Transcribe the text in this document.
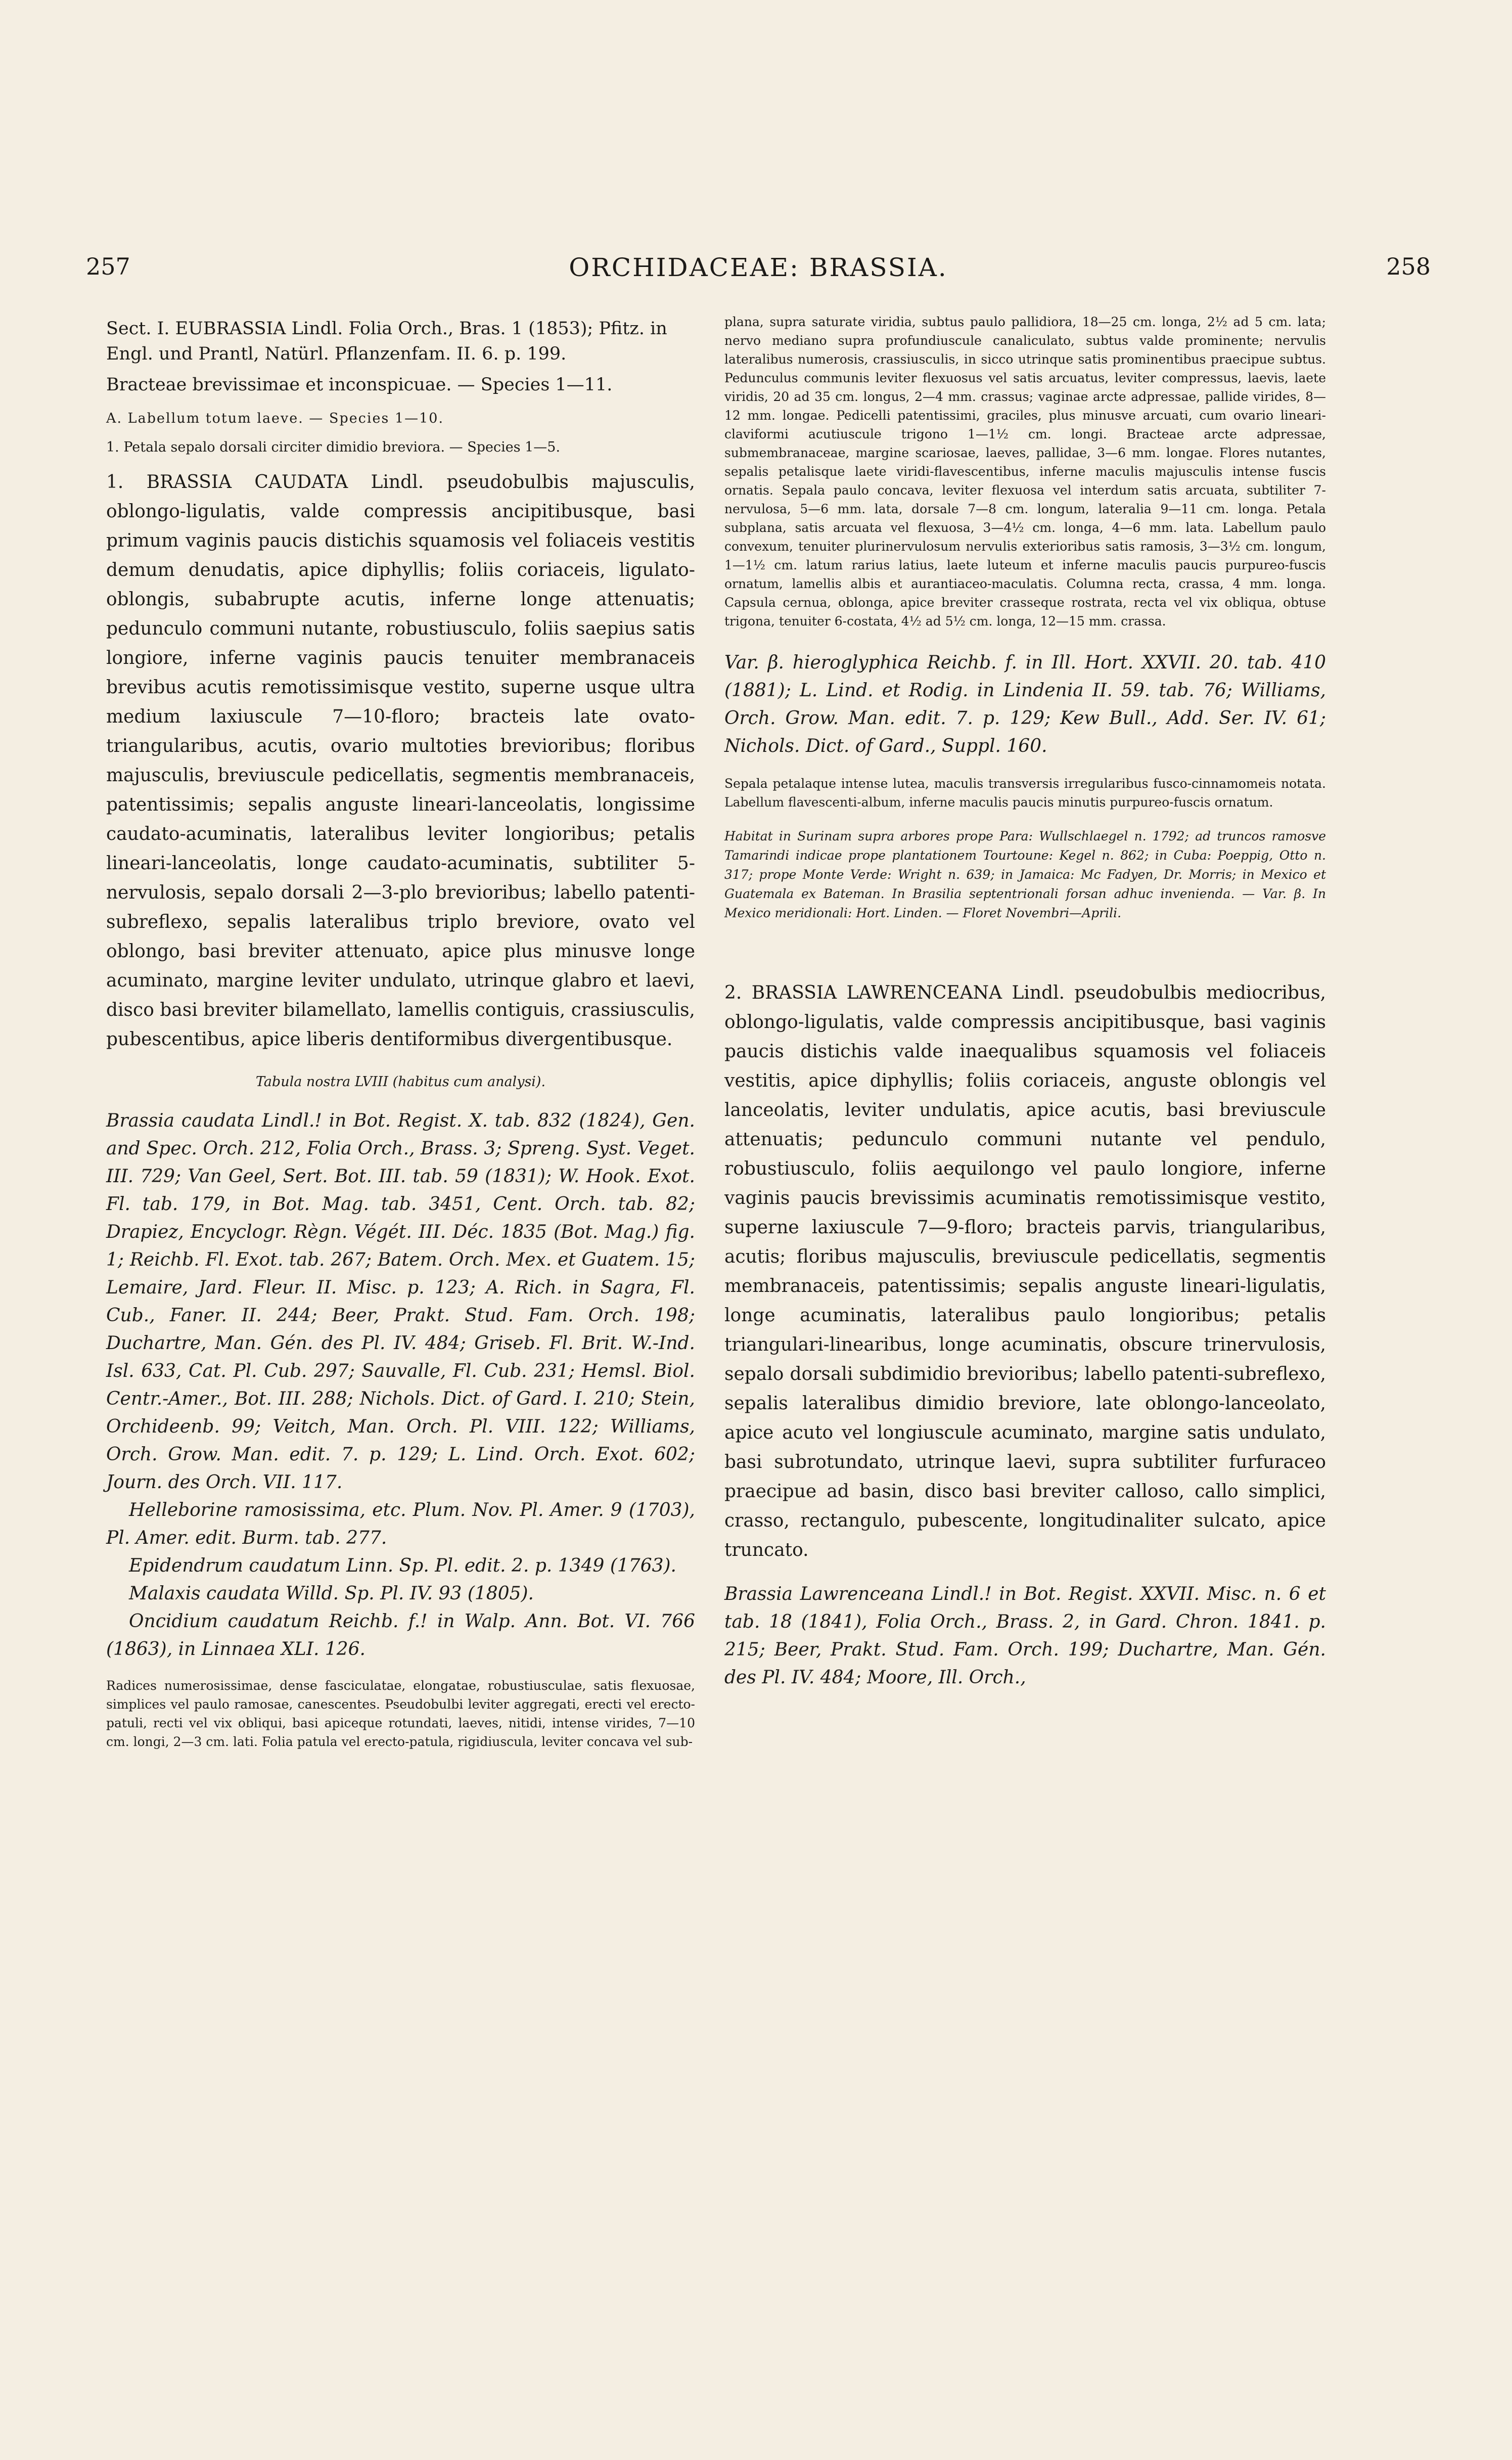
257	ORCHIDACEAE: BRASSIA.	258

Sect. I. EUBRASSIA Lindl. Folia Orch., Bras. 1 (1853); Pfitz. in Engl. und Prantl, Natürl. Pflanzenfam. II. 6. p. 199.

Bracteae brevissimae et inconspicuae. — Species 1—11.

A. Labellum totum laeve. — Species 1—10.

1. Petala sepalo dorsali circiter dimidio breviora. — Species 1—5.

1. BRASSIA CAUDATA Lindl. pseudobulbis majusculis, oblongo-ligulatis, valde compressis ancipitibusque, basi primum vaginis paucis distichis squamosis vel foliaceis vestitis demum denudatis, apice diphyllis; foliis coriaceis, ligulato-oblongis, subabrupte acutis, inferne longe attenuatis; pedunculo communi nutante, robustiusculo, foliis saepius satis longiore, inferne vaginis paucis tenuiter membranaceis brevibus acutis remotissimisque vestito, superne usque ultra medium laxiuscule 7—10-floro; bracteis late ovato-triangularibus, acutis, ovario multoties brevioribus; floribus majusculis, breviuscule pedicellatis, segmentis membranaceis, patentissimis; sepalis anguste lineari-lanceolatis, longissime caudato-acuminatis, lateralibus leviter longioribus; petalis lineari-lanceolatis, longe caudato-acuminatis, subtiliter 5-nervulosis, sepalo dorsali 2—3-plo brevioribus; labello patenti-subreflexo, sepalis lateralibus triplo breviore, ovato vel oblongo, basi breviter attenuato, apice plus minusve longe acuminato, margine leviter undulato, utrinque glabro et laevi, disco basi breviter bilamellato, lamellis contiguis, crassiusculis, pubescentibus, apice liberis dentiformibus divergentibusque.

Tabula nostra LVIII (habitus cum analysi).

Brassia caudata Lindl.! in Bot. Regist. X. tab. 832 (1824), Gen. and Spec. Orch. 212, Folia Orch., Brass. 3; Spreng. Syst. Veget. III. 729; Van Geel, Sert. Bot. III. tab. 59 (1831); W. Hook. Exot. Fl. tab. 179, in Bot. Mag. tab. 3451, Cent. Orch. tab. 82; Drapiez, Encyclogr. Règn. Végét. III. Déc. 1835 (Bot. Mag.) fig. 1; Reichb. Fl. Exot. tab. 267; Batem. Orch. Mex. et Guatem. 15; Lemaire, Jard. Fleur. II. Misc. p. 123; A. Rich. in Sagra, Fl. Cub., Faner. II. 244; Beer, Prakt. Stud. Fam. Orch. 198; Duchartre, Man. Gén. des Pl. IV. 484; Griseb. Fl. Brit. W.-Ind. Isl. 633, Cat. Pl. Cub. 297; Sauvalle, Fl. Cub. 231; Hemsl. Biol. Centr.-Amer., Bot. III. 288; Nichols. Dict. of Gard. I. 210; Stein, Orchideenb. 99; Veitch, Man. Orch. Pl. VIII. 122; Williams, Orch. Grow. Man. edit. 7. p. 129; L. Lind. Orch. Exot. 602; Journ. des Orch. VII. 117.

Helleborine ramosissima, etc. Plum. Nov. Pl. Amer. 9 (1703), Pl. Amer. edit. Burm. tab. 277.

Epidendrum caudatum Linn. Sp. Pl. edit. 2. p. 1349 (1763).

Malaxis caudata Willd. Sp. Pl. IV. 93 (1805).

Oncidium caudatum Reichb. f.! in Walp. Ann. Bot. VI. 766 (1863), in Linnaea XLI. 126.

Radices numerosissimae, dense fasciculatae, elongatae, robustiusculae, satis flexuosae, simplices vel paulo ramosae, canescentes. Pseudobulbi leviter aggregati, erecti vel erecto-patuli, recti vel vix obliqui, basi apiceque rotundati, laeves, nitidi, intense virides, 7—10 cm. longi, 2—3 cm. lati. Folia patula vel erecto-patula, rigidiuscula, leviter concava vel sub-

plana, supra saturate viridia, subtus paulo pallidiora, 18—25 cm. longa, 2½ ad 5 cm. lata; nervo mediano supra profundiuscule canaliculato, subtus valde prominente; nervulis lateralibus numerosis, crassiusculis, in sicco utrinque satis prominentibus praecipue subtus. Pedunculus communis leviter flexuosus vel satis arcuatus, leviter compressus, laevis, laete viridis, 20 ad 35 cm. longus, 2—4 mm. crassus; vaginae arcte adpressae, pallide virides, 8—12 mm. longae. Pedicelli patentissimi, graciles, plus minusve arcuati, cum ovario lineari-claviformi acutiuscule trigono 1—1½ cm. longi. Bracteae arcte adpressae, submembranaceae, margine scariosae, laeves, pallidae, 3—6 mm. longae. Flores nutantes, sepalis petalisque laete viridi-flavescentibus, inferne maculis majusculis intense fuscis ornatis. Sepala paulo concava, leviter flexuosa vel interdum satis arcuata, subtiliter 7-nervulosa, 5—6 mm. lata, dorsale 7—8 cm. longum, lateralia 9—11 cm. longa. Petala subplana, satis arcuata vel flexuosa, 3—4½ cm. longa, 4—6 mm. lata. Labellum paulo convexum, tenuiter plurinervulosum nervulis exterioribus satis ramosis, 3—3½ cm. longum, 1—1½ cm. latum rarius latius, laete luteum et inferne maculis paucis purpureo-fuscis ornatum, lamellis albis et aurantiaceo-maculatis. Columna recta, crassa, 4 mm. longa. Capsula cernua, oblonga, apice breviter crasseque rostrata, recta vel vix obliqua, obtuse trigona, tenuiter 6-costata, 4½ ad 5½ cm. longa, 12—15 mm. crassa.

Var. β. hieroglyphica Reichb. f. in Ill. Hort. XXVII. 20. tab. 410 (1881); L. Lind. et Rodig. in Lindenia II. 59. tab. 76; Williams, Orch. Grow. Man. edit. 7. p. 129; Kew Bull., Add. Ser. IV. 61; Nichols. Dict. of Gard., Suppl. 160.

Sepala petalaque intense lutea, maculis transversis irregularibus fusco-cinnamomeis notata. Labellum flavescenti-album, inferne maculis paucis minutis purpureo-fuscis ornatum.

Habitat in Surinam supra arbores prope Para: Wullschlaegel n. 1792; ad truncos ramosve Tamarindi indicae prope plantationem Tourtoune: Kegel n. 862; in Cuba: Poeppig, Otto n. 317; prope Monte Verde: Wright n. 639; in Jamaica: Mc Fadyen, Dr. Morris; in Mexico et Guatemala ex Bateman. In Brasilia septentrionali forsan adhuc invenienda. — Var. β. In Mexico meridionali: Hort. Linden. — Floret Novembri—Aprili.

2. BRASSIA LAWRENCEANA Lindl. pseudobulbis mediocribus, oblongo-ligulatis, valde compressis ancipitibusque, basi vaginis paucis distichis valde inaequalibus squamosis vel foliaceis vestitis, apice diphyllis; foliis coriaceis, anguste oblongis vel lanceolatis, leviter undulatis, apice acutis, basi breviuscule attenuatis; pedunculo communi nutante vel pendulo, robustiusculo, foliis aequilongo vel paulo longiore, inferne vaginis paucis brevissimis acuminatis remotissimisque vestito, superne laxiuscule 7—9-floro; bracteis parvis, triangularibus, acutis; floribus majusculis, breviuscule pedicellatis, segmentis membranaceis, patentissimis; sepalis anguste lineari-ligulatis, longe acuminatis, lateralibus paulo longioribus; petalis triangulari-linearibus, longe acuminatis, obscure trinervulosis, sepalo dorsali subdimidio brevioribus; labello patenti-subreflexo, sepalis lateralibus dimidio breviore, late oblongo-lanceolato, apice acuto vel longiuscule acuminato, margine satis undulato, basi subrotundato, utrinque laevi, supra subtiliter furfuraceo praecipue ad basin, disco basi breviter calloso, callo simplici, crasso, rectangulo, pubescente, longitudinaliter sulcato, apice truncato.

Brassia Lawrenceana Lindl.! in Bot. Regist. XXVII. Misc. n. 6 et tab. 18 (1841), Folia Orch., Brass. 2, in Gard. Chron. 1841. p. 215; Beer, Prakt. Stud. Fam. Orch. 199; Duchartre, Man. Gén. des Pl. IV. 484; Moore, Ill. Orch.,
